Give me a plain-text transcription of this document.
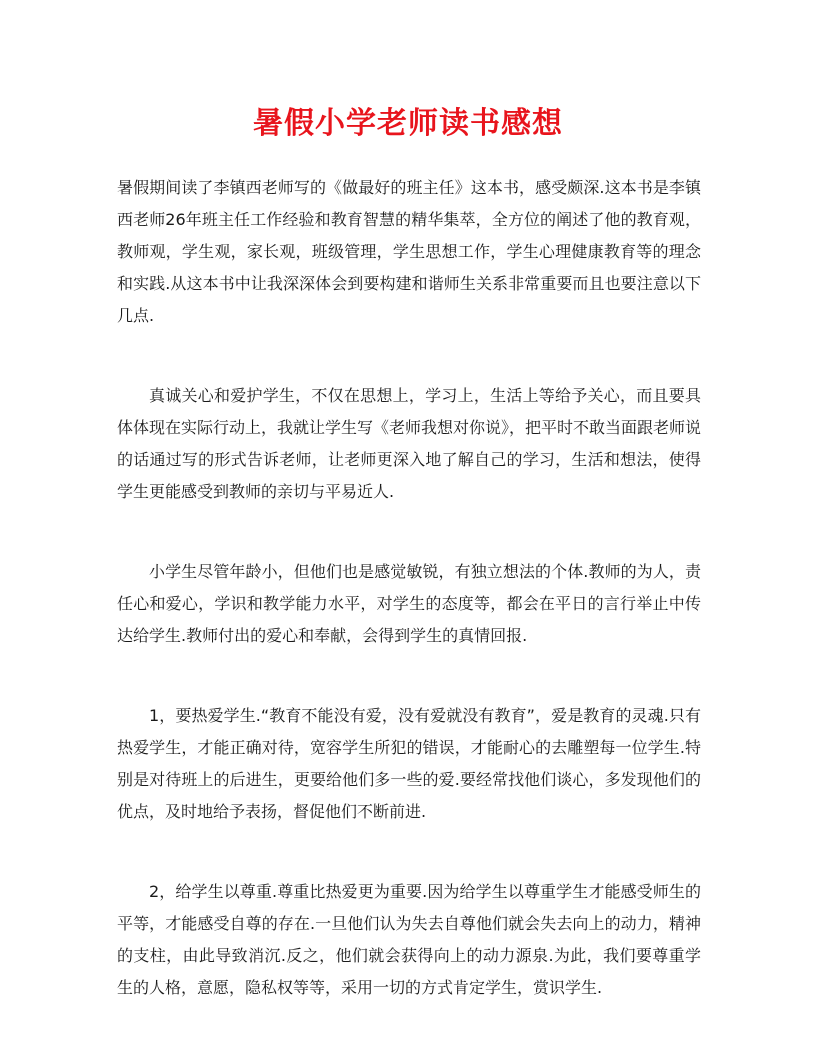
暑假小学老师读书感想

暑假期间读了李镇西老师写的《做最好的班主任》这本书，感受颇深.这本书是李镇西老师26年班主任工作经验和教育智慧的精华集萃，全方位的阐述了他的教育观，教师观，学生观，家长观，班级管理，学生思想工作，学生心理健康教育等的理念和实践.从这本书中让我深深体会到要构建和谐师生关系非常重要而且也要注意以下几点.

真诚关心和爱护学生，不仅在思想上，学习上，生活上等给予关心，而且要具体体现在实际行动上，我就让学生写《老师我想对你说》，把平时不敢当面跟老师说的话通过写的形式告诉老师，让老师更深入地了解自己的学习，生活和想法，使得学生更能感受到教师的亲切与平易近人.

小学生尽管年龄小，但他们也是感觉敏锐，有独立想法的个体.教师的为人，责任心和爱心，学识和教学能力水平，对学生的态度等，都会在平日的言行举止中传达给学生.教师付出的爱心和奉献，会得到学生的真情回报.

1，要热爱学生.“教育不能没有爱，没有爱就没有教育”，爱是教育的灵魂.只有热爱学生，才能正确对待，宽容学生所犯的错误，才能耐心的去雕塑每一位学生.特别是对待班上的后进生，更要给他们多一些的爱.要经常找他们谈心，多发现他们的优点，及时地给予表扬，督促他们不断前进.

2，给学生以尊重.尊重比热爱更为重要.因为给学生以尊重学生才能感受师生的平等，才能感受自尊的存在.一旦他们认为失去自尊他们就会失去向上的动力，精神的支柱，由此导致消沉.反之，他们就会获得向上的动力源泉.为此，我们要尊重学生的人格，意愿，隐私权等等，采用一切的方式肯定学生，赏识学生.
